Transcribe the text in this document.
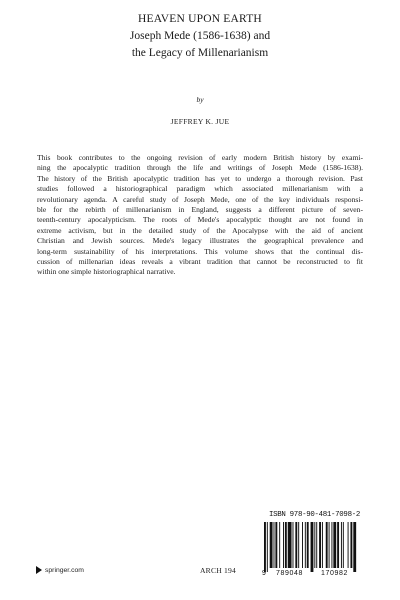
HEAVEN UPON EARTH
Joseph Mede (1586-1638) and
the Legacy of Millenarianism
by
JEFFREY K. JUE
This book contributes to the ongoing revision of early modern British history by exami-
ning the apocalyptic tradition through the life and writings of Joseph Mede (1586-1638).
The history of the British apocalyptic tradition has yet to undergo a thorough revision. Past
studies followed a historiographical paradigm which associated millenarianism with a
revolutionary agenda. A careful study of Joseph Mede, one of the key individuals responsi-
ble for the rebirth of millenarianism in England, suggests a different picture of seven-
teenth-century apocalypticism. The roots of Mede's apocalyptic thought are not found in
extreme activism, but in the detailed study of the Apocalypse with the aid of ancient
Christian and Jewish sources. Mede's legacy illustrates the geographical prevalence and
long-term sustainability of his interpretations. This volume shows that the continual dis-
cussion of millenarian ideas reveals a vibrant tradition that cannot be reconstructed to fit
within one simple historiographical narrative.
ISBN 978-90-481-7098-2
9 789048	170982
springer.com	ARCH 194
